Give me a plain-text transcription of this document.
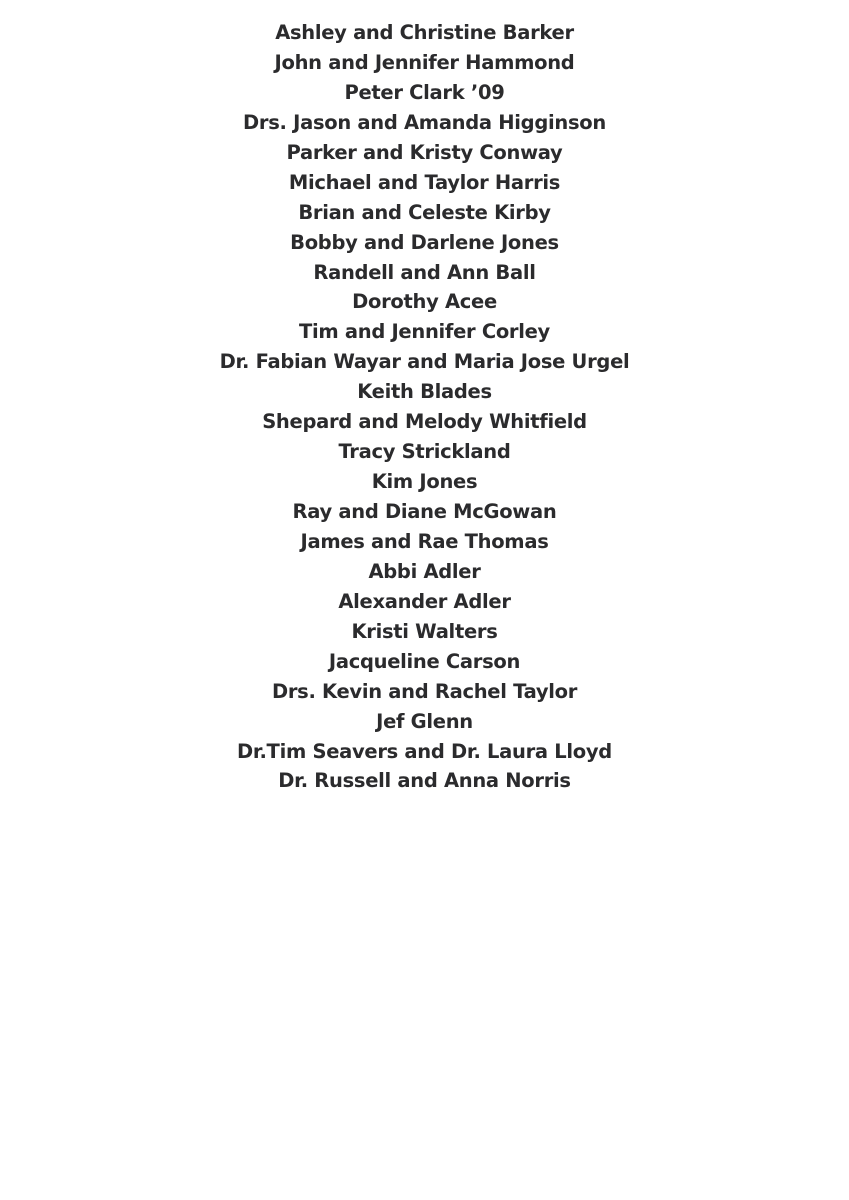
Ashley and Christine Barker
John and Jennifer Hammond
Peter Clark ’09
Drs. Jason and Amanda Higginson
Parker and Kristy Conway
Michael and Taylor Harris
Brian and Celeste Kirby
Bobby and Darlene Jones
Randell and Ann Ball
Dorothy Acee
Tim and Jennifer Corley
Dr. Fabian Wayar and Maria Jose Urgel
Keith Blades
Shepard and Melody Whitfield
Tracy Strickland
Kim Jones
Ray and Diane McGowan
James and Rae Thomas
Abbi Adler
Alexander Adler
Kristi Walters
Jacqueline Carson
Drs. Kevin and Rachel Taylor
Jef Glenn
Dr.Tim Seavers and Dr. Laura Lloyd
Dr. Russell and Anna Norris
